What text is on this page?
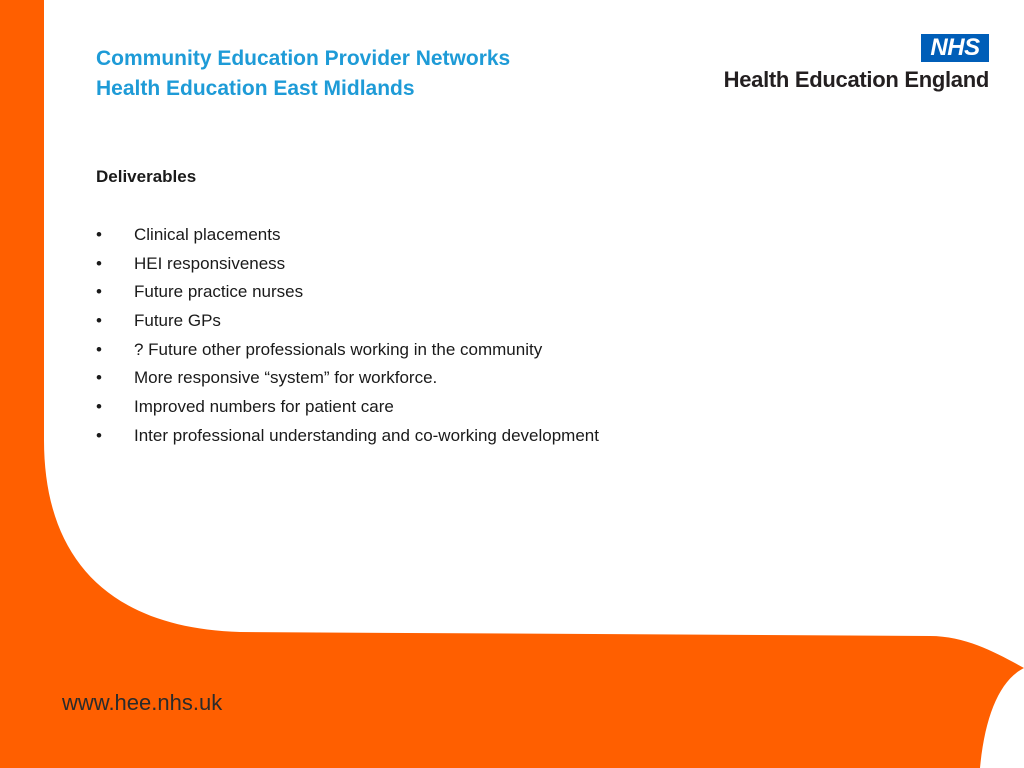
Community Education Provider Networks
Health Education East Midlands
NHS
Health Education England
Deliverables
•	Clinical placements
•	HEI responsiveness
•	Future practice nurses
•	Future GPs
•	? Future other professionals working in the community
•	More responsive “system” for workforce.
•	Improved numbers for patient care
•	Inter professional understanding and co-working development
www.hee.nhs.uk
